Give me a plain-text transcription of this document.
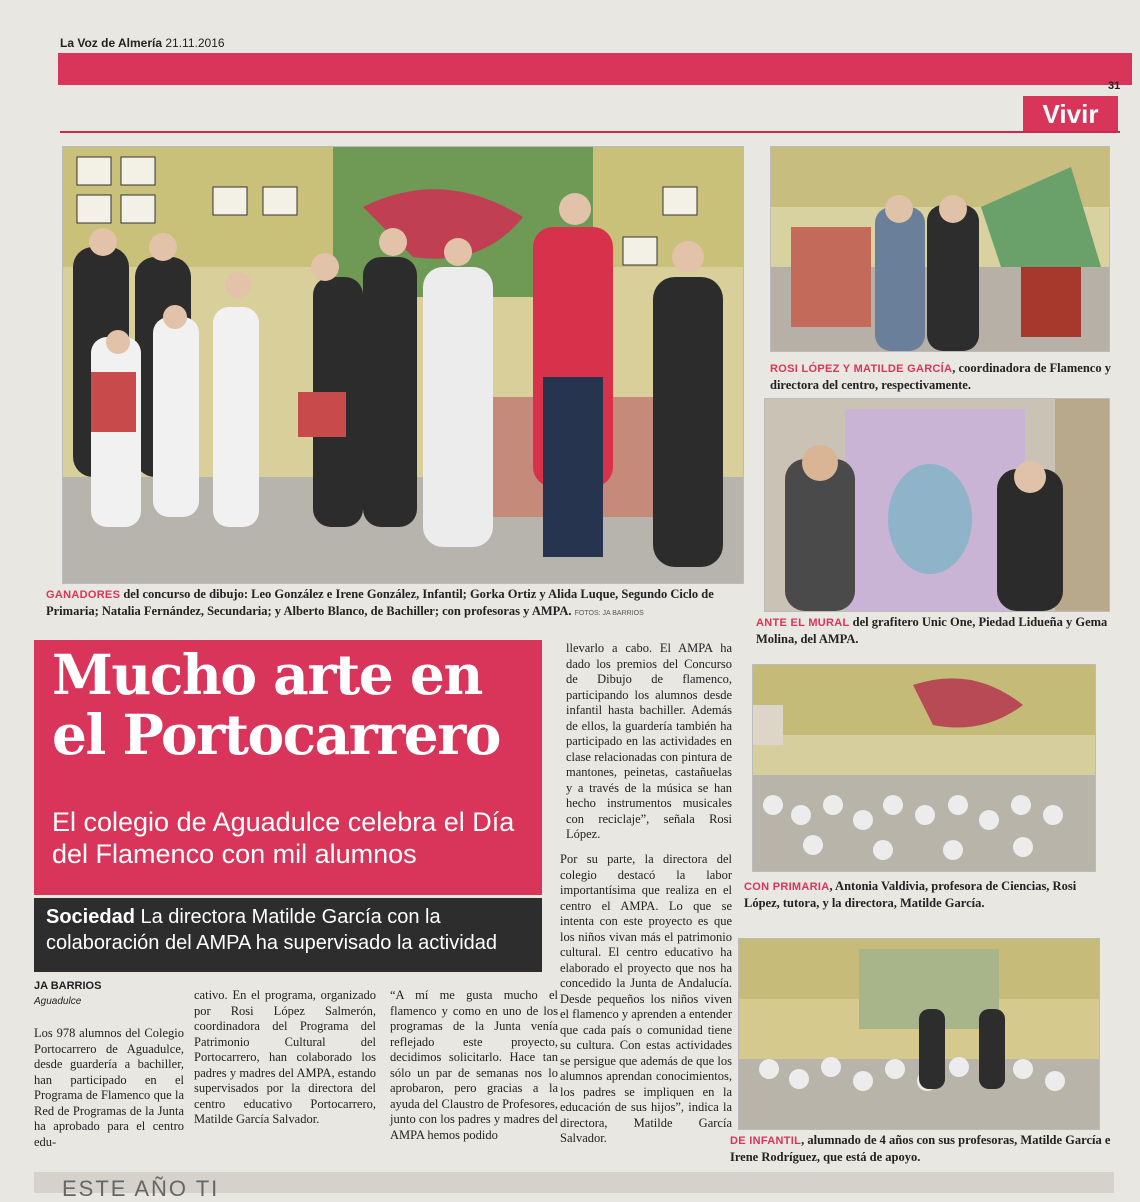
La Voz de Almería 21.11.2016
31
Vivir
GANADORES del concurso de dibujo: Leo González e Irene González, Infantil; Gorka Ortiz y Alida Luque, Segundo Ciclo de Primaria; Natalia Fernández, Secundaria; y Alberto Blanco, de Bachiller; con profesoras y AMPA. FOTOS: JA BARRIOS
ROSI LÓPEZ Y MATILDE GARCÍA, coordinadora de Flamenco y directora del centro, respectivamente.
ANTE EL MURAL del grafitero Unic One, Piedad Lidueña y Gema Molina, del AMPA.
CON PRIMARIA, Antonia Valdivia, profesora de Ciencias, Rosi López, tutora, y la directora, Matilde García.
DE INFANTIL, alumnado de 4 años con sus profesoras, Matilde García e Irene Rodríguez, que está de apoyo.
Mucho arte en el Portocarrero
El colegio de Aguadulce celebra el Día del Flamenco con mil alumnos
Sociedad La directora Matilde García con la colaboración del AMPA ha supervisado la actividad
JA BARRIOS
Aguadulce
Los 978 alumnos del Colegio Portocarrero de Aguadulce, desde guardería a bachiller, han participado en el Programa de Flamenco que la Red de Programas de la Junta ha aprobado para el centro edu-
cativo. En el programa, organizado por Rosi López Salmerón, coordinadora del Programa del Patrimonio Cultural del Portocarrero, han colaborado los padres y madres del AMPA, estando supervisados por la directora del centro educativo Portocarrero, Matilde García Salvador.
“A mí me gusta mucho el flamenco y como en uno de los programas de la Junta venía reflejado este proyecto, decidimos solicitarlo. Hace tan sólo un par de semanas nos lo aprobaron, pero gracias a la ayuda del Claustro de Profesores, junto con los padres y madres del AMPA hemos podido
llevarlo a cabo. El AMPA ha dado los premios del Concurso de Dibujo de flamenco, participando los alumnos desde infantil hasta bachiller. Además de ellos, la guardería también ha participado en las actividades en clase relacionadas con pintura de mantones, peinetas, castañuelas y a través de la música se han hecho instrumentos musicales con reciclaje”, señala Rosi López.
Por su parte, la directora del colegio destacó la labor importantísima que realiza en el centro el AMPA. Lo que se intenta con este proyecto es que los niños vivan más el patrimonio cultural. El centro educativo ha elaborado el proyecto que nos ha concedido la Junta de Andalucía. Desde pequeños los niños viven el flamenco y aprenden a entender que cada país o comunidad tiene su cultura. Con estas actividades se persigue que además de que los alumnos aprendan conocimientos, los padres se impliquen en la educación de sus hijos”, indica la directora, Matilde García Salvador.
ESTE AÑO TI
